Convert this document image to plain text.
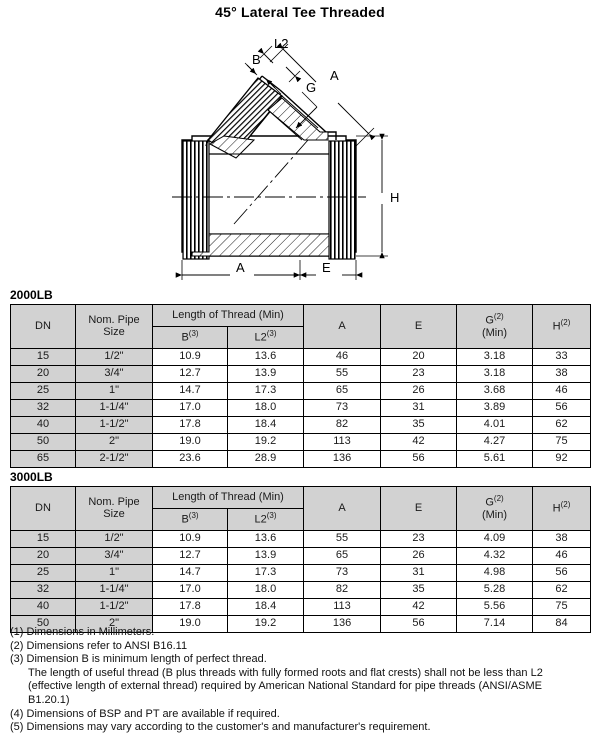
45° Lateral Tee Threaded
B
L2
A
G
H
A	E
2000LB
DN	Nom. Pipe
Size
	Length of Thread (Min)	A	E	$G^{(2)}$
(Min)	$H^{(2)}$
		$B^{(3)}$	L2$^{(3)}$
15	1/2"	10.9	13.6	46	20	3.18	33
20	3/4"	12.7	13.9	55	23	3.18	38
25	1"	14.7	17.3	65	26	3.68	46
32	1-1/4"	17.0	18.0	73	31	3.89	56
40	1-1/2"	17.8	18.4	82	35	4.01	62
50	2"	19.0	19.2	113	42	4.27	75
65	2-1/2"	23.6	28.9	136	56	5.61	92
3000LB
DN	Nom. Pipe
Size
	Length of Thread (Min)	A	E	$G^{(2)}$
(Min)	$H^{(2)}$
		$B^{(3)}$	L2$^{(3)}$
15	1/2"	10.9	13.6	55	23	4.09	38
20	3/4"	12.7	13.9	65	26	4.32	46
25	1"	14.7	17.3	73	31	4.98	56
32	1-1/4"	17.0	18.0	82	35	5.28	62
40	1-1/2"	17.8	18.4	113	42	5.56	75
50	2"	19.0	19.2	136	56	7.14	84
(1) Dimensions in Millimeters.
(2) Dimensions refer to ANSI B16.11
(3) Dimension B is minimum length of perfect thread.
The length of useful thread (B plus threads with fully formed roots and flat crests) shall not be less than L2
(effective length of external thread) required by American National Standard for pipe threads (ANSI/ASME
B1.20.1)
(4) Dimensions of BSP and PT are available if required.
(5) Dimensions may vary according to the customer's and manufacturer's requirement.
